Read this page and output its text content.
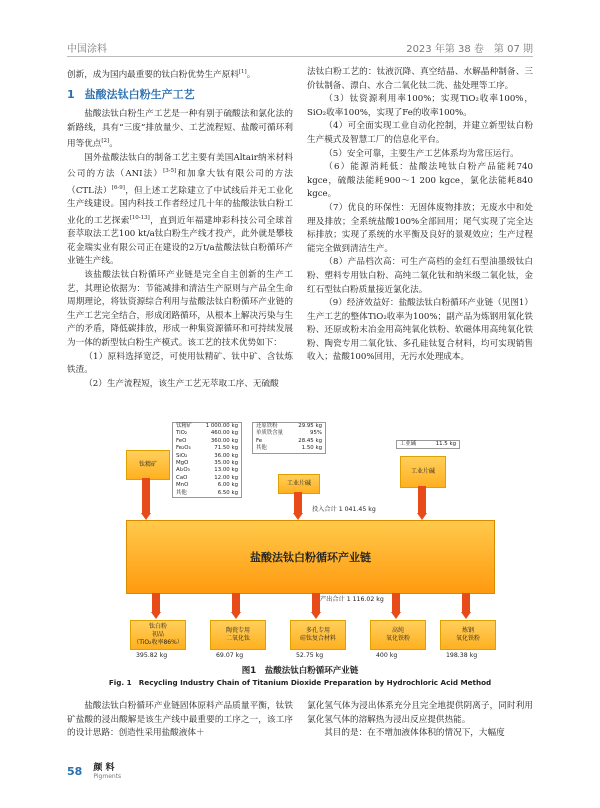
中国涂料	2023 年第 38 卷　第 07 期

创新，成为国内最重要的钛白粉优势生产原料[1]。

1 盐酸法钛白粉生产工艺

盐酸法钛白粉生产工艺是一种有别于硫酸法和氯化法的新路线，具有“三废”排放量少、工艺流程短、盐酸可循环利用等优点[2]。

国外盐酸法钛白的制备工艺主要有美国Altair纳米材料公司的方法（ANI法）[3-5]和加拿大钛有限公司的方法（CTL法）[6-9]，但上述工艺除建立了中试线后并无工业化生产线建设。国内科技工作者经过几十年的盐酸法钛白粉工业化的工艺探索[10-13]，直到近年福建坤彩科技公司全球首套萃取法工艺100 kt/a钛白粉生产线才投产，此外就是攀枝花金瑞实业有限公司正在建设的2万t/a盐酸法钛白粉循环产业链生产线。

该盐酸法钛白粉循环产业链是完全自主创新的生产工艺，其理论依据为：节能减排和清洁生产原则与产品全生命周期理论，将钛资源综合利用与盐酸法钛白粉循环产业链的生产工艺完全结合，形成闭路循环，从根本上解决污染与生产的矛盾，降低碳排放，形成一种集资源循环和可持续发展为一体的新型钛白粉生产模式。该工艺的技术优势如下：

（1）原料选择宽泛，可使用钛精矿、钛中矿、含钛炼铁渣。

（2）生产流程短，该生产工艺无萃取工序、无硫酸

法钛白粉工艺的：钛液沉降、真空结晶、水解晶种制备、三价钛制备、漂白、水合二氧化钛二洗、盐处理等工序。

（3）钛资源利用率100%；实现TiO₂收率100%，SiO₂收率100%，实现了Fe的收率100%。

（4）可全面实现工业自动化控制，并建立新型钛白粉生产模式及智慧工厂的信息化平台。

（5）安全可靠，主要生产工艺体系均为常压运行。

（6）能源消耗低：盐酸法吨钛白粉产品能耗740 kgce，硫酸法能耗900～1 200 kgce，氯化法能耗840 kgce。

（7）优良的环保性：无固体废物排放；无废水中和处理及排放；全系统盐酸100%全部回用；尾气实现了完全达标排放；实现了系统的水平衡及良好的景观效应；生产过程能完全做到清洁生产。

（8）产品档次高：可生产高档的金红石型油墨级钛白粉、塑料专用钛白粉、高纯二氧化钛和纳米级二氧化钛，金红石型钛白粉质量接近氯化法。

（9）经济效益好：盐酸法钛白粉循环产业链（见图1）生产工艺的整体TiO₂收率为100%；副产品为炼钢用氧化铁粉、还原或粉末冶金用高纯氧化铁粉、软磁体用高纯氧化铁粉、陶瓷专用二氧化钛、多孔硅钛复合材料，均可实现销售收入；盐酸100%回用，无污水处理成本。

钛精矿
钛精矿	1 000.00 kg
TiO₂	460.00 kg
FeO	360.00 kg
Fe₂O₃	71.50 kg
SiO₂	36.00 kg
MgO	35.00 kg
Al₂O₃	13.00 kg
CaO	12.00 kg
MnO	6.00 kg
其他	6.50 kg
还原铁粉	29.95 kg
单质铁含量	95%
Fe	28.45 kg
其他	1.50 kg
工业片碱
工业碱	11.5 kg
工业片碱
投入合计 1 041.45 kg
盐酸法钛白粉循环产业链
产出合计 1 116.02 kg
钛白粉
初品
（TiO₂收率86%）
395.82 kg
陶瓷专用
二氧化钛
69.07 kg
多孔专用
硅钛复合材料
52.75 kg
高纯
氧化铁粉
400 kg
炼钢
氧化铁粉
198.38 kg
图1　盐酸法钛白粉循环产业链
Fig. 1　Recycling Industry Chain of Titanium Dioxide Preparation by Hydrochloric Acid Method

盐酸法钛白粉循环产业链固体原料产品质量平衡，钛铁矿盐酸的浸出酸解是该生产线中最重要的工序之一，该工序的设计思路：创造性采用盐酸液体＋

氯化氢气体为浸出体系充分且完全地提供阴离子，同时利用氯化氢气体的溶解热为浸出反应提供热能。

其目的是：在不增加液体体积的情况下，大幅度

58 颜 料
Pigments
